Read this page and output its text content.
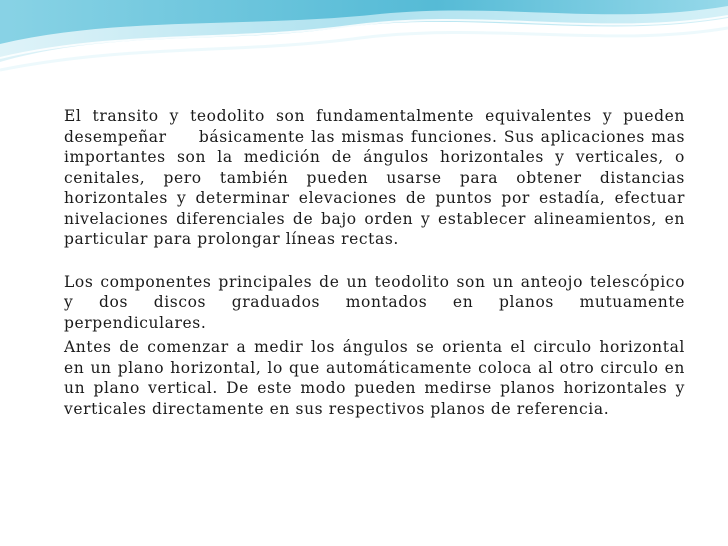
El transito y teodolito son fundamentalmente equivalentes y pueden desempeñar  básicamente las mismas funciones. Sus aplicaciones mas importantes son la medición de ángulos horizontales y verticales, o cenitales, pero también pueden usarse para obtener distancias horizontales y determinar elevaciones de puntos por estadía, efectuar nivelaciones diferenciales de bajo orden y establecer alineamientos, en particular para prolongar líneas rectas.

Los componentes principales de un teodolito son un anteojo telescópico y dos discos graduados montados en planos mutuamente perpendiculares.

Antes de comenzar a medir los ángulos se orienta el circulo horizontal en un plano horizontal, lo que automáticamente coloca al otro circulo en un plano vertical. De este modo pueden medirse planos horizontales y verticales directamente en sus respectivos planos de referencia.
